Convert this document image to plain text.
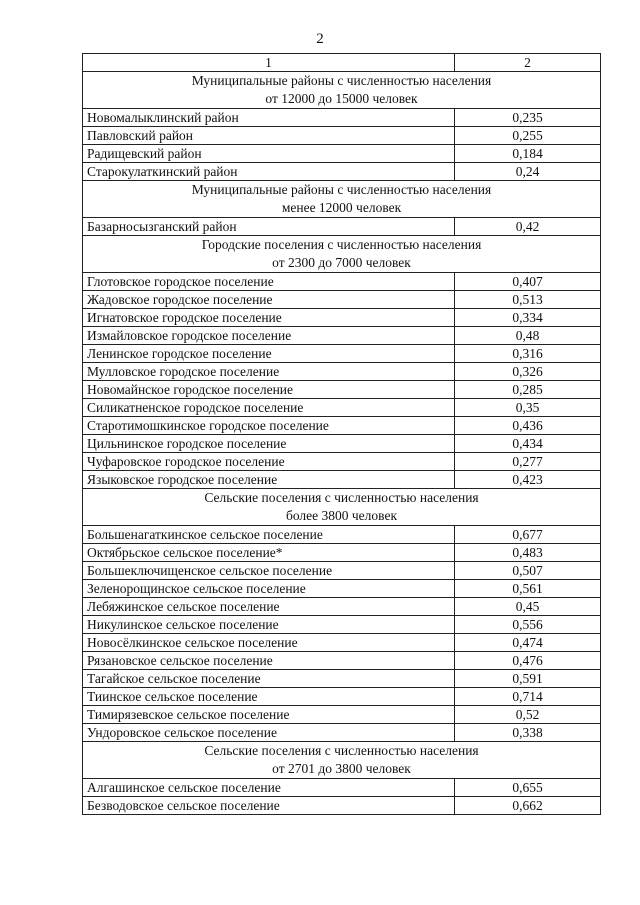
2
1	2

Муниципальные районы с численностью населения
от 12000 до 15000 человек	

Новомалыклинский район	0,235
Павловский район	0,255
Радищевский район	0,184
Старокулаткинский район	0,24

Муниципальные районы с численностью населения
менее 12000 человек	

Базарносызганский район	0,42

Городские поселения с численностью населения
от 2300 до 7000 человек	

Глотовское городское поселение	0,407
Жадовское городское поселение	0,513
Игнатовское городское поселение	0,334
Измайловское городское поселение	0,48
Ленинское городское поселение	0,316
Мулловское городское поселение	0,326
Новомайнское городское поселение	0,285
Силикатненское городское поселение	0,35
Старотимошкинское городское поселение	0,436
Цильнинское городское поселение	0,434
Чуфаровское городское поселение	0,277
Языковское городское поселение	0,423

Сельские поселения с численностью населения
более 3800 человек	

Большенагаткинское сельское поселение	0,677
Октябрьское сельское поселение*	0,483
Большеключищенское сельское поселение	0,507
Зеленорощинское сельское поселение	0,561
Лебяжинское сельское поселение	0,45
Никулинское сельское поселение	0,556
Новосёлкинское сельское поселение	0,474
Рязановское сельское поселение	0,476
Тагайское сельское поселение	0,591
Тиинское сельское поселение	0,714
Тимирязевское сельское поселение	0,52
Ундоровское сельское поселение	0,338

Сельские поселения с численностью населения
от 2701 до 3800 человек	

Алгашинское сельское поселение	0,655
Безводовское сельское поселение	0,662
